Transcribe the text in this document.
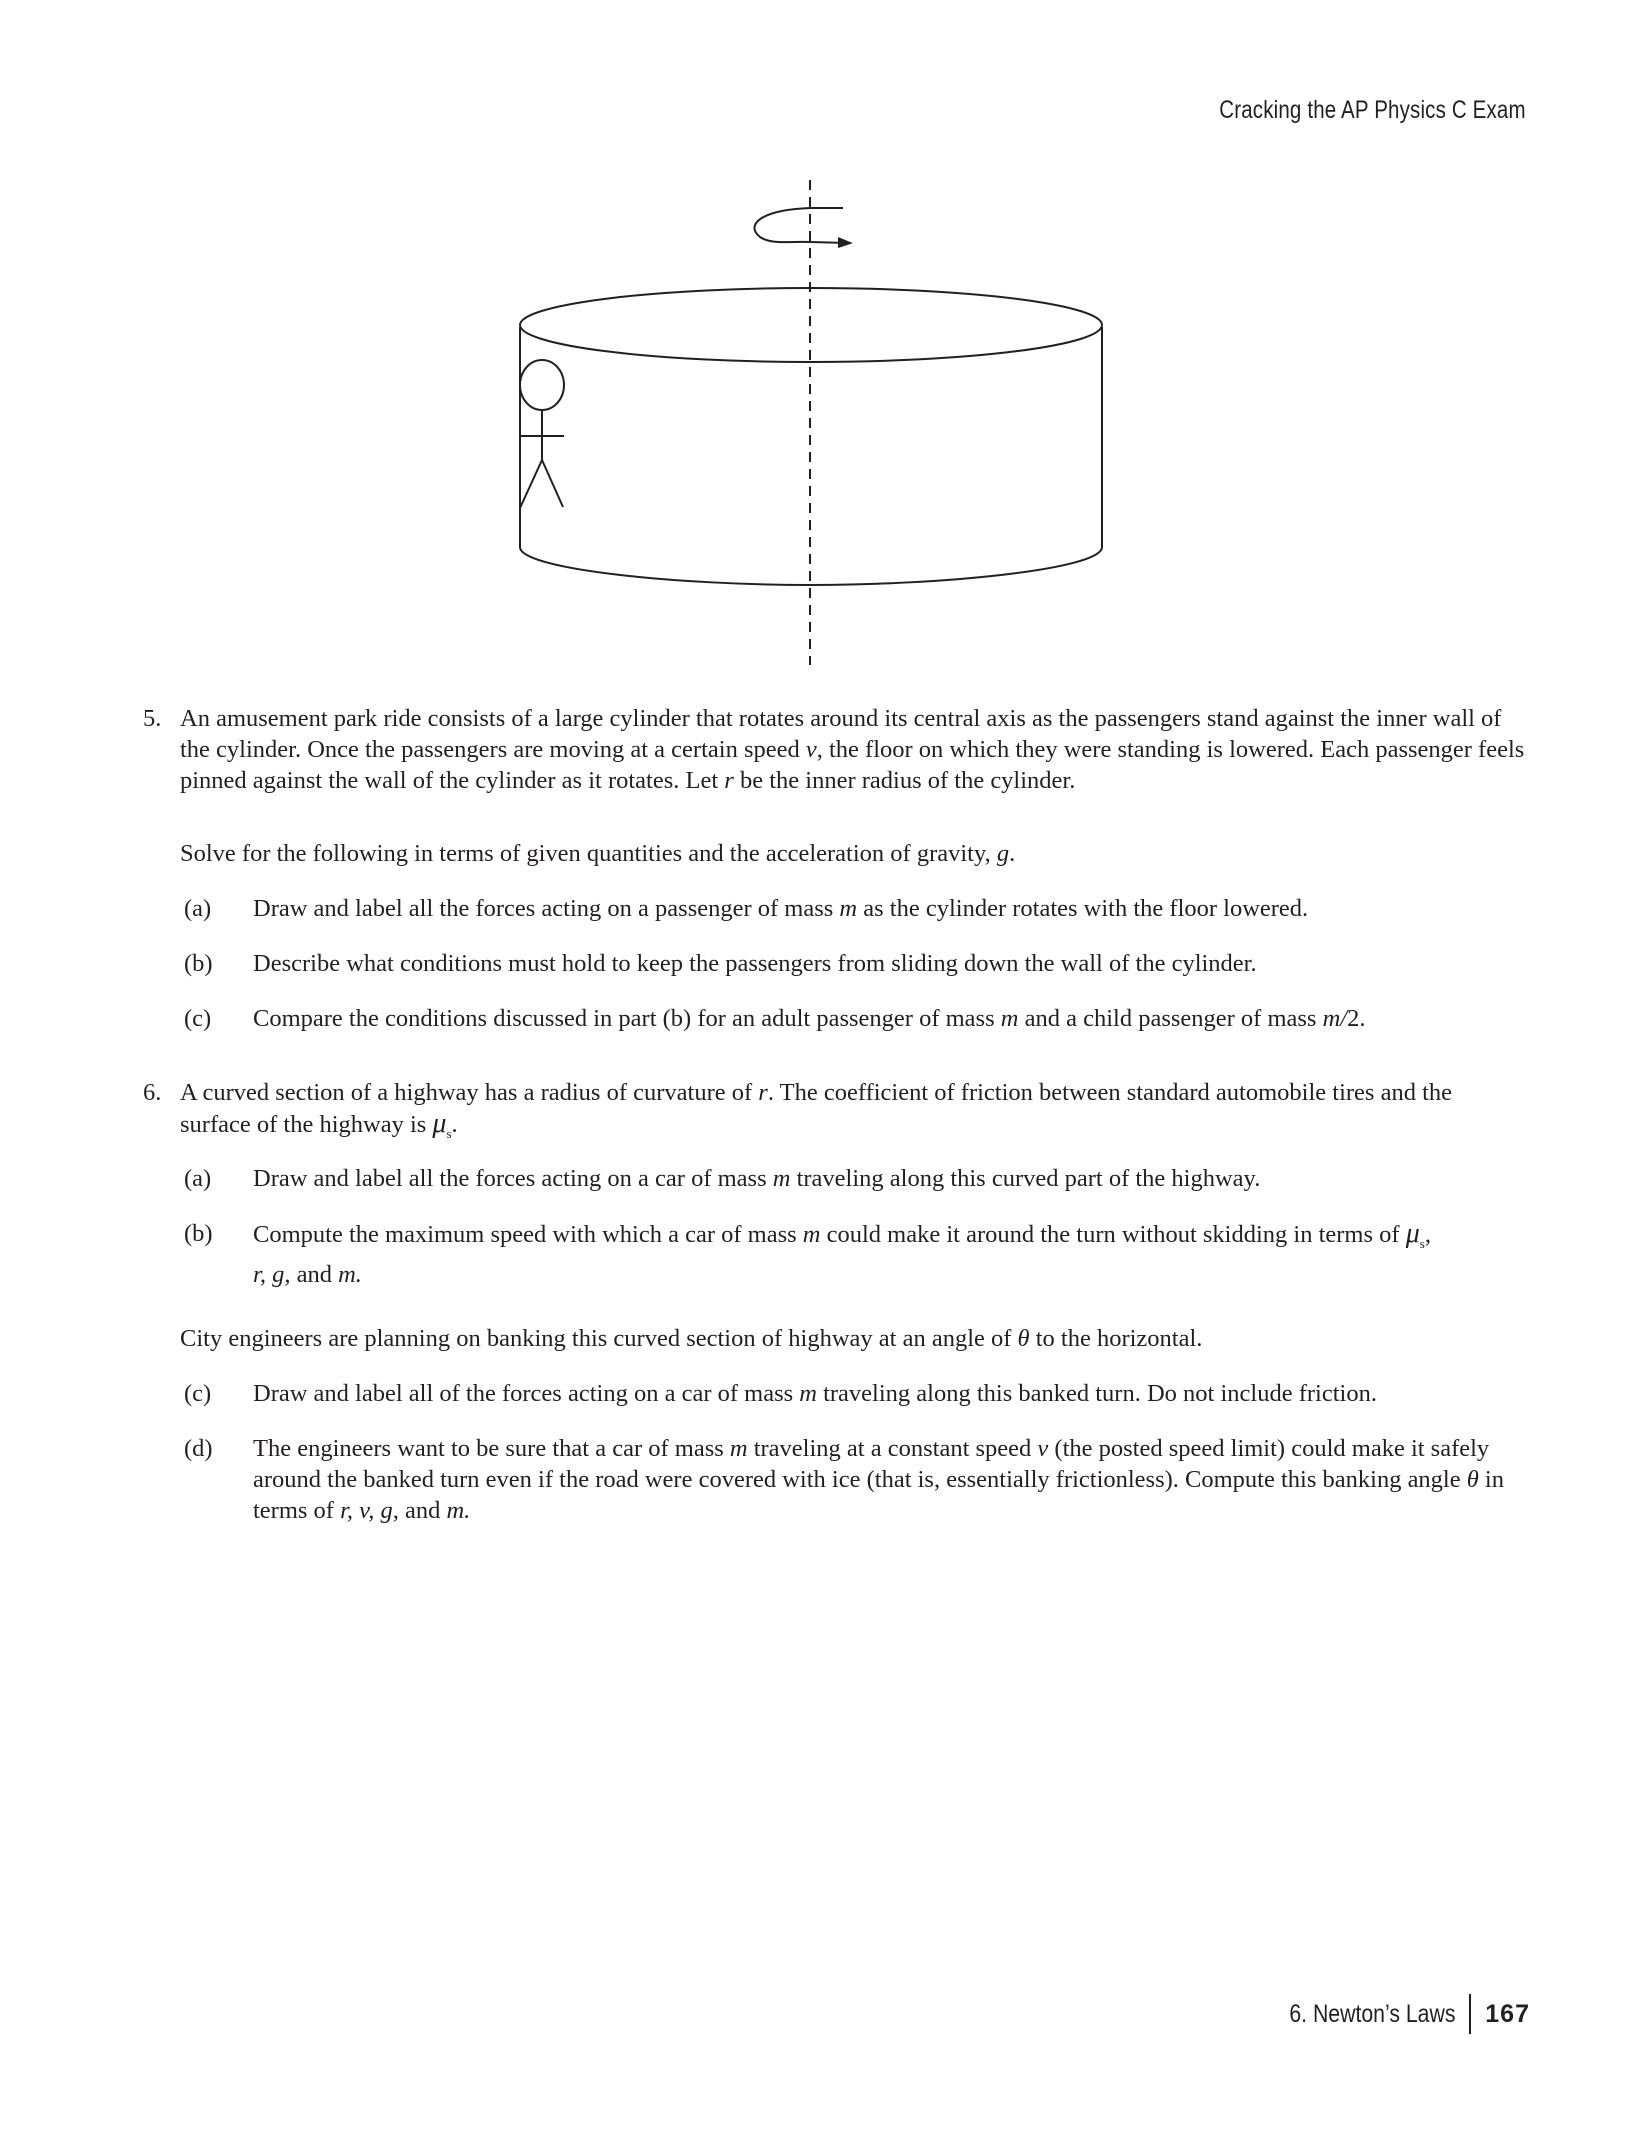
Cracking the AP Physics C Exam
5. An amusement park ride consists of a large cylinder that rotates around its central axis as the passengers stand against the inner wall of the cylinder. Once the passengers are moving at a certain speed v, the floor on which they were standing is lowered. Each passenger feels pinned against the wall of the cylinder as it rotates. Let r be the inner radius of the cylinder.
Solve for the following in terms of given quantities and the acceleration of gravity, g.
(a) Draw and label all the forces acting on a passenger of mass m as the cylinder rotates with the floor lowered.
(b) Describe what conditions must hold to keep the passengers from sliding down the wall of the cylinder.
(c) Compare the conditions discussed in part (b) for an adult passenger of mass m and a child passenger of mass m/2.
6. A curved section of a highway has a radius of curvature of r. The coefficient of friction between standard automobile tires and the surface of the highway is $\mu_s$.
(a) Draw and label all the forces acting on a car of mass m traveling along this curved part of the highway.
(b) Compute the maximum speed with which a car of mass m could make it around the turn without skidding in terms of $\mu_s$,
r, g, and m.
City engineers are planning on banking this curved section of highway at an angle of θ to the horizontal.
(c) Draw and label all of the forces acting on a car of mass m traveling along this banked turn. Do not include friction.
(d) The engineers want to be sure that a car of mass m traveling at a constant speed v (the posted speed limit) could make it safely around the banked turn even if the road were covered with ice (that is, essentially frictionless). Compute this banking angle θ in terms of r, v, g, and m.
6. Newton’s Laws 167
